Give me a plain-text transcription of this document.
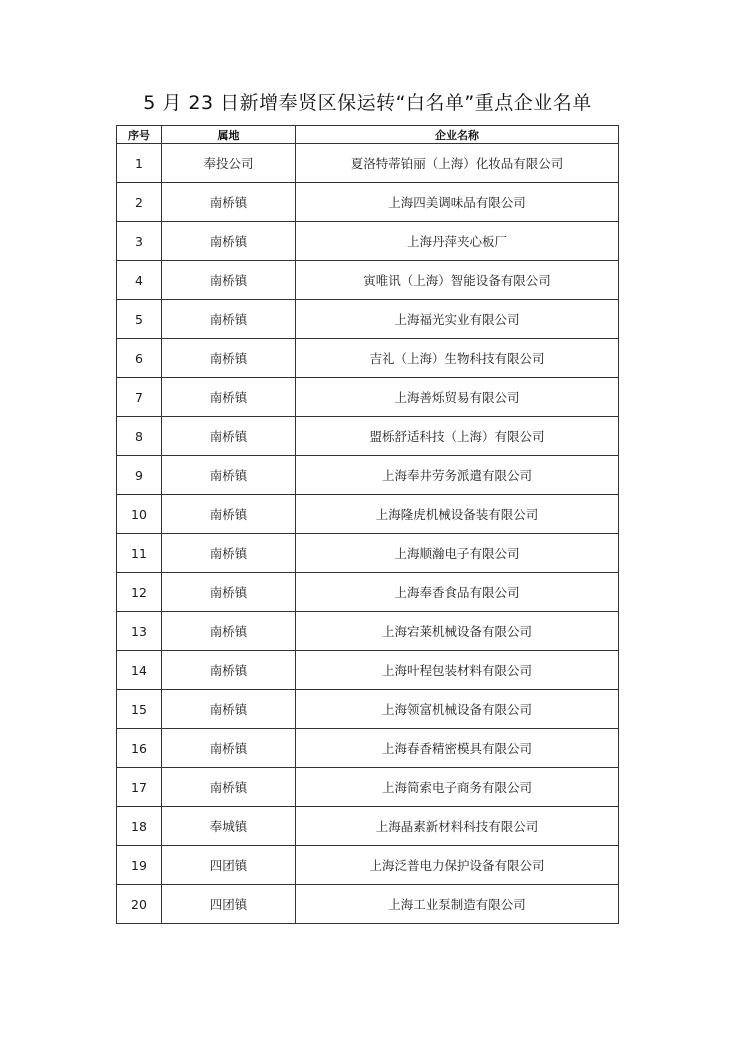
5 月 23 日新增奉贤区保运转“白名单”重点企业名单
序号	属地	企业名称
1	奉投公司	夏洛特蒂铂丽（上海）化妆品有限公司
2	南桥镇	上海四美调味品有限公司
3	南桥镇	上海丹萍夹心板厂
4	南桥镇	寅唯讯（上海）智能设备有限公司
5	南桥镇	上海福光实业有限公司
6	南桥镇	吉礼（上海）生物科技有限公司
7	南桥镇	上海善烁贸易有限公司
8	南桥镇	盟栎舒适科技（上海）有限公司
9	南桥镇	上海奉井劳务派遣有限公司
10	南桥镇	上海隆虎机械设备装有限公司
11	南桥镇	上海顺瀚电子有限公司
12	南桥镇	上海奉香食品有限公司
13	南桥镇	上海宕莱机械设备有限公司
14	南桥镇	上海叶程包装材料有限公司
15	南桥镇	上海领富机械设备有限公司
16	南桥镇	上海春香精密模具有限公司
17	南桥镇	上海简索电子商务有限公司
18	奉城镇	上海晶素新材料科技有限公司
19	四团镇	上海泛普电力保护设备有限公司
20	四团镇	上海工业泵制造有限公司
